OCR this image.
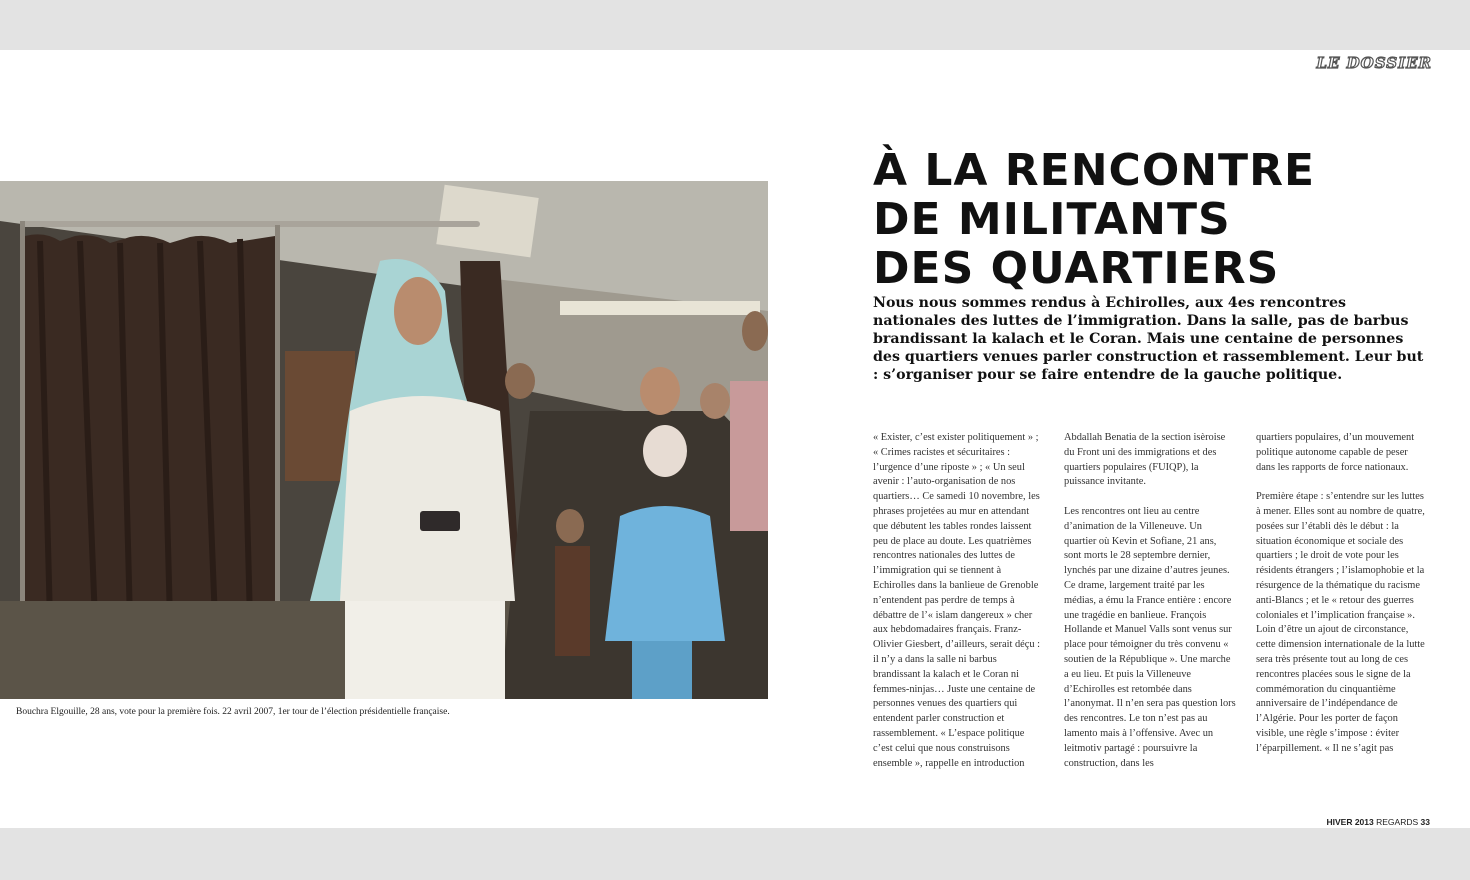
LE DOSSIER
Bouchra Elgouille, 28 ans, vote pour la première fois. 22 avril 2007, 1er tour de l’élection présidentielle française.
À LA RENCONTRE
DE MILITANTS
DES QUARTIERS

Nous nous sommes rendus à Echirolles, aux 4es rencontres nationales des luttes de l’immigration. Dans la salle, pas de barbus brandissant la kalach et le Coran. Mais une centaine de personnes des quartiers venues parler construction et rassemblement. Leur but : s’organiser pour se faire entendre de la gauche politique.

« Exister, c’est exister politiquement » ; « Crimes racistes et sécuritaires : l’urgence d’une riposte » ; « Un seul avenir : l’auto-organisation de nos quartiers… Ce samedi 10 novembre, les phrases projetées au mur en attendant que débutent les tables rondes laissent peu de place au doute. Les quatrièmes rencontres nationales des luttes de l’immigration qui se tiennent à Echirolles dans la banlieue de Grenoble n’entendent pas perdre de temps à débattre de l’« islam dangereux » cher aux hebdomadaires français. Franz-Olivier Giesbert, d’ailleurs, serait déçu : il n’y a dans la salle ni barbus brandissant la kalach et le Coran ni femmes-ninjas… Juste une centaine de personnes venues des quartiers qui entendent parler construction et rassemblement. « L’espace politique c’est celui que nous construisons ensemble », rappelle en introduction

Abdallah Benatia de la section isèroise du Front uni des immigrations et des quartiers populaires (FUIQP), la puissance invitante.

Les rencontres ont lieu au centre d’animation de la Villeneuve. Un quartier où Kevin et Sofiane, 21 ans, sont morts le 28 septembre dernier, lynchés par une dizaine d’autres jeunes. Ce drame, largement traité par les médias, a ému la France entière : encore une tragédie en banlieue. François Hollande et Manuel Valls sont venus sur place pour témoigner du très convenu « soutien de la République ». Une marche a eu lieu. Et puis la Villeneuve d’Echirolles est retombée dans l’anonymat. Il n’en sera pas question lors des rencontres. Le ton n’est pas au lamento mais à l’offensive. Avec un leitmotiv partagé : poursuivre la construction, dans les

quartiers populaires, d’un mouvement politique autonome capable de peser dans les rapports de force nationaux.

Première étape : s’entendre sur les luttes à mener. Elles sont au nombre de quatre, posées sur l’établi dès le début : la situation économique et sociale des quartiers ; le droit de vote pour les résidents étrangers ; l’islamophobie et la résurgence de la thématique du racisme anti-Blancs ; et le « retour des guerres coloniales et l’implication française ». Loin d’être un ajout de circonstance, cette dimension internationale de la lutte sera très présente tout au long de ces rencontres placées sous le signe de la commémoration du cinquantième anniversaire de l’indépendance de l’Algérie. Pour les porter de façon visible, une règle s’impose : éviter l’éparpillement. « Il ne s’agit pas

HIVER 2013 REGARDS 33
